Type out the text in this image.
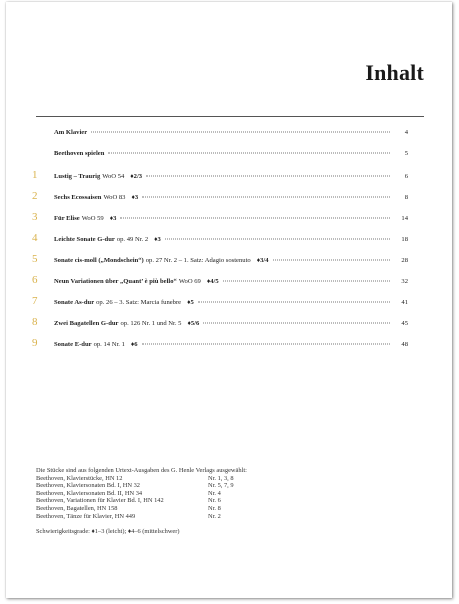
Inhalt
Am Klavier	4
Beethoven spielen	5
1	Lustig – Traurig WoO 54 ♦2/3	6
2	Sechs Ecossaisen WoO 83 ♦3	8
3	Für Elise WoO 59 ♦3	14
4	Leichte Sonate G-dur op. 49 Nr. 2 ♦3	18
5	Sonate cis-moll („Mondschein“) op. 27 Nr. 2 – 1. Satz: Adagio sostenuto ♦3/4	28
6	Neun Variationen über „Quant’ è più bello“ WoO 69 ♦4/5	32
7	Sonate As-dur op. 26 – 3. Satz: Marcia funebre ♦5	41
8	Zwei Bagatellen G-dur op. 126 Nr. 1 und Nr. 5 ♦5/6	45
9	Sonate E-dur op. 14 Nr. 1 ♦6	48
Die Stücke sind aus folgenden Urtext-Ausgaben des G. Henle Verlags ausgewählt:
Beethoven, Klavierstücke, HN 12	Nr. 1, 3, 8
Beethoven, Klaviersonaten Bd. I, HN 32	Nr. 5, 7, 9
Beethoven, Klaviersonaten Bd. II, HN 34	Nr. 4
Beethoven, Variationen für Klavier Bd. I, HN 142	Nr. 6
Beethoven, Bagatellen, HN 158	Nr. 8
Beethoven, Tänze für Klavier, HN 449	Nr. 2
Schwierigkeitsgrade: ♦1–3 (leicht); ♦4–6 (mittelschwer)
